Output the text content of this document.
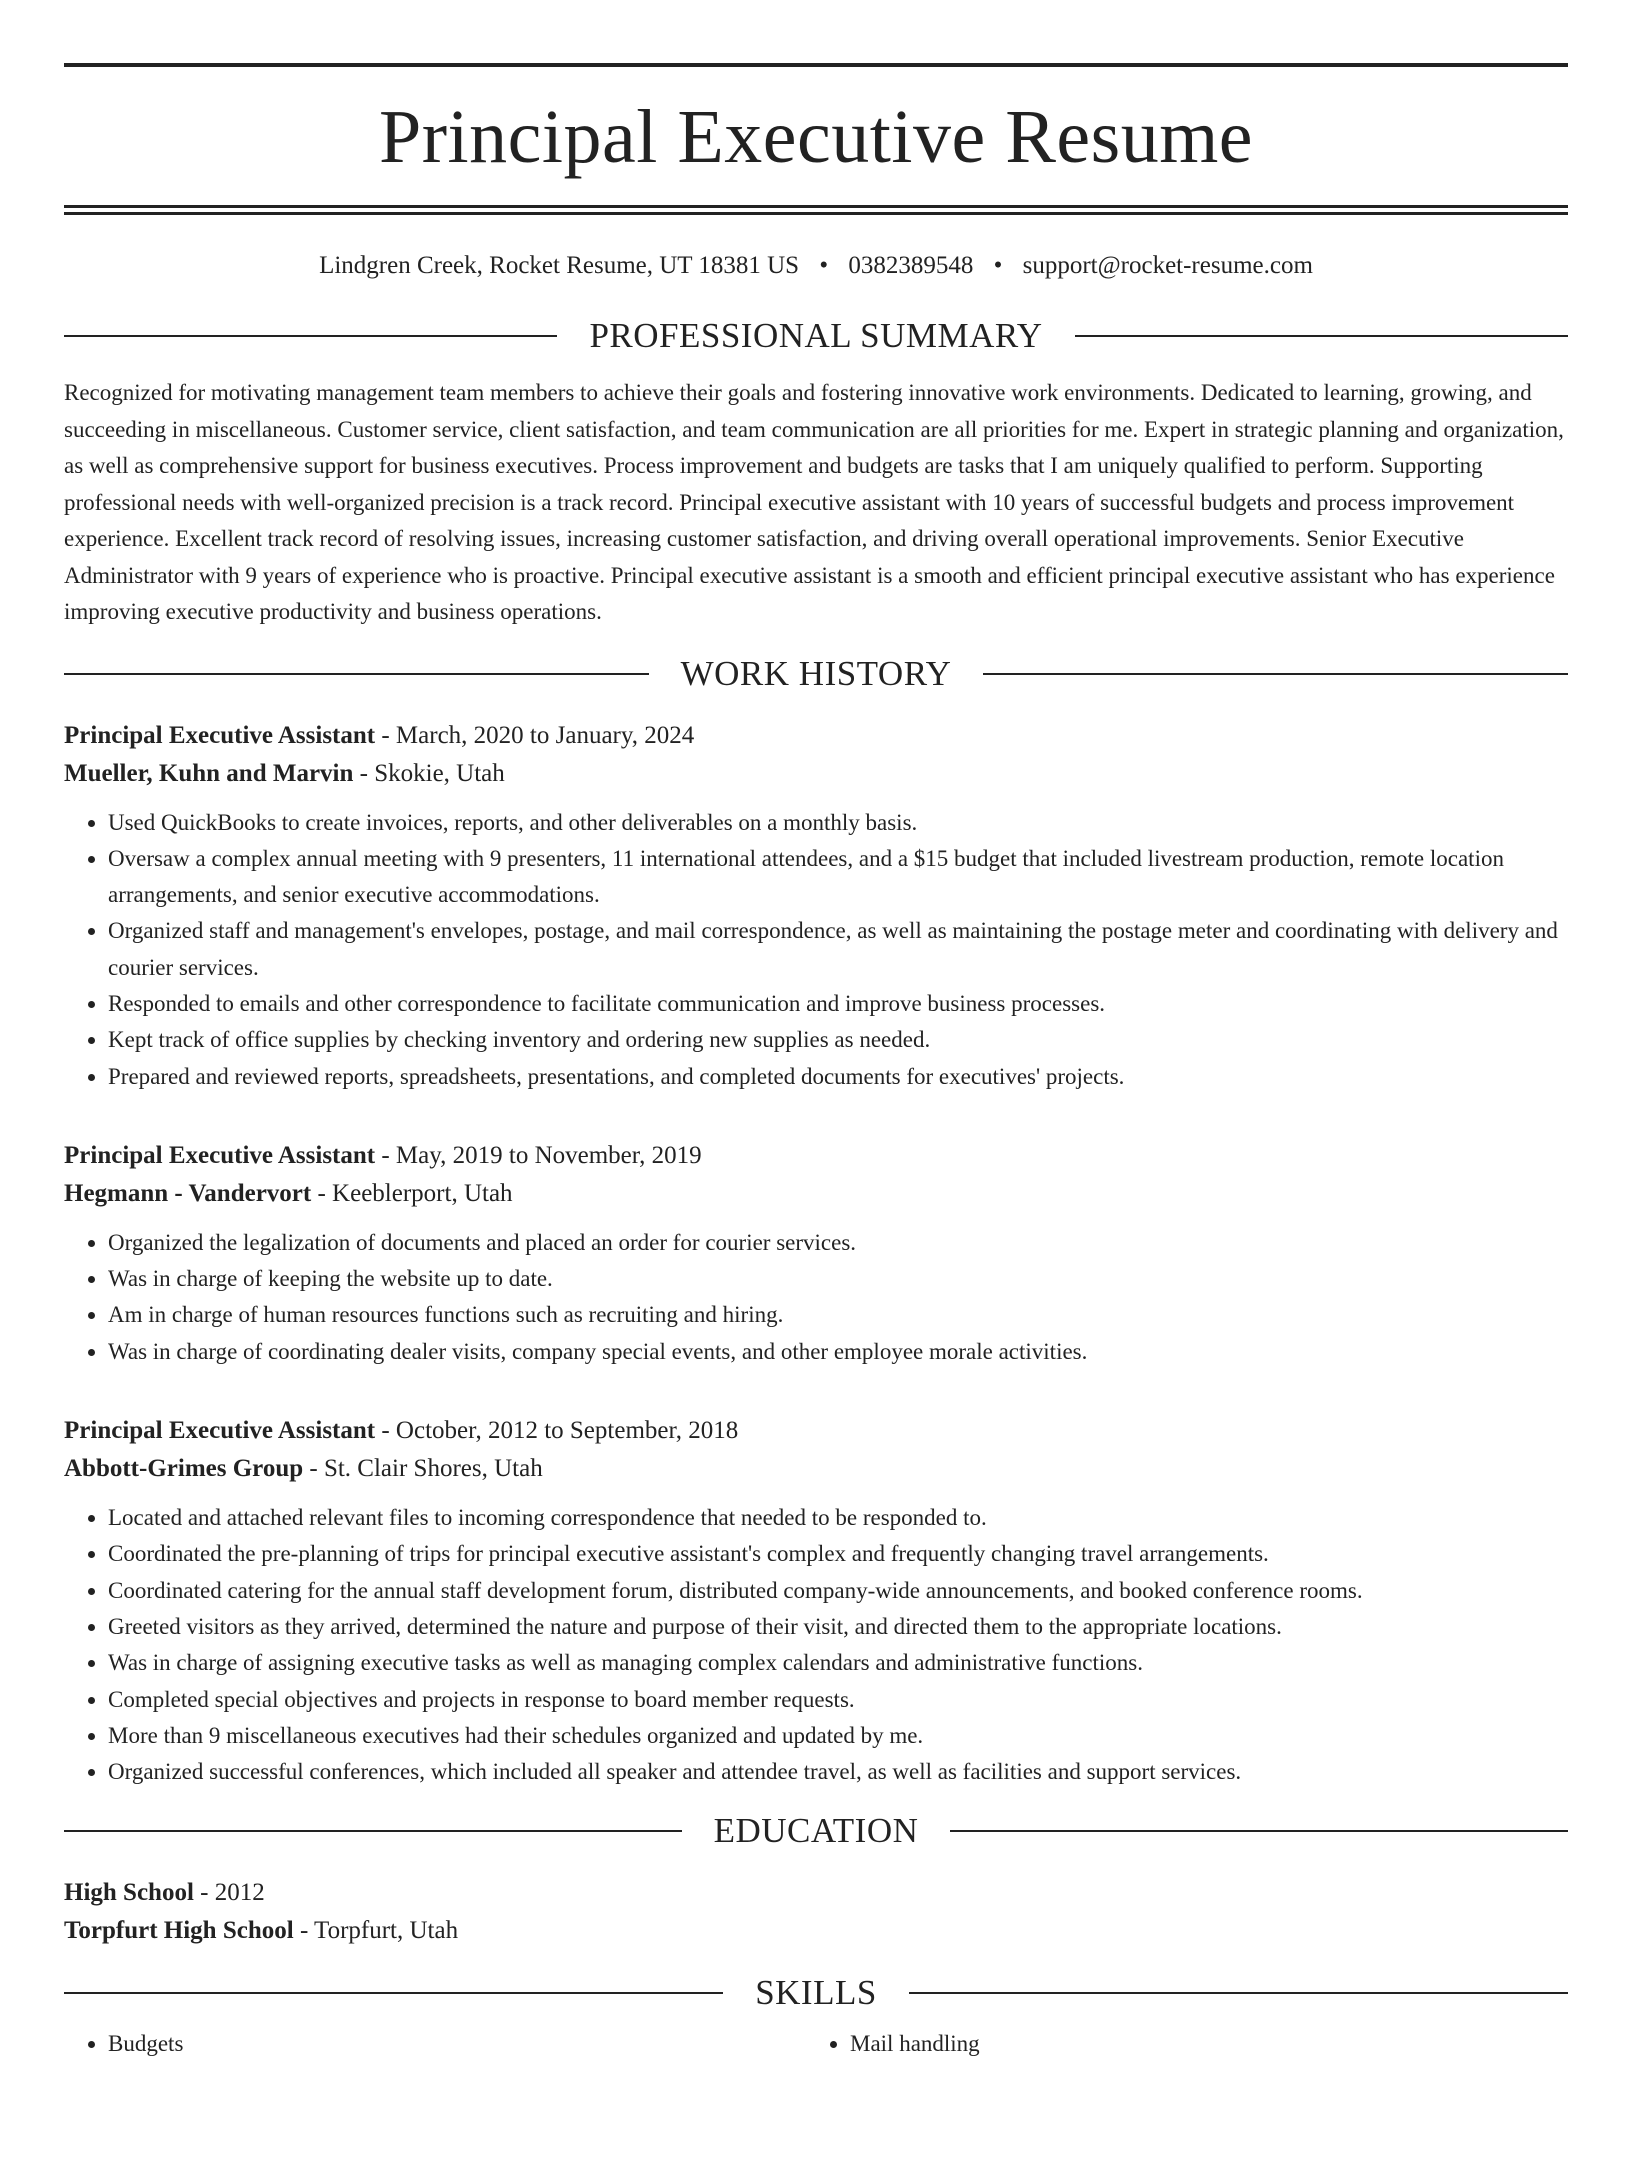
Principal Executive Resume
Lindgren Creek, Rocket Resume, UT 18381 US • 0382389548 • support@rocket-resume.com
PROFESSIONAL SUMMARY

Recognized for motivating management team members to achieve their goals and fostering innovative work environments. Dedicated to learning, growing, and succeeding in miscellaneous. Customer service, client satisfaction, and team communication are all priorities for me. Expert in strategic planning and organization, as well as comprehensive support for business executives. Process improvement and budgets are tasks that I am uniquely qualified to perform. Supporting professional needs with well-organized precision is a track record. Principal executive assistant with 10 years of successful budgets and process improvement experience. Excellent track record of resolving issues, increasing customer satisfaction, and driving overall operational improvements. Senior Executive Administrator with 9 years of experience who is proactive. Principal executive assistant is a smooth and efficient principal executive assistant who has experience improving executive productivity and business operations.

WORK HISTORY
Principal Executive Assistant - March, 2020 to January, 2024
Mueller, Kuhn and Marvin - Skokie, Utah
• Used QuickBooks to create invoices, reports, and other deliverables on a monthly basis.
• Oversaw a complex annual meeting with 9 presenters, 11 international attendees, and a $15 budget that included livestream production, remote location arrangements, and senior executive accommodations.
• Organized staff and management's envelopes, postage, and mail correspondence, as well as maintaining the postage meter and coordinating with delivery and courier services.
• Responded to emails and other correspondence to facilitate communication and improve business processes.
• Kept track of office supplies by checking inventory and ordering new supplies as needed.
• Prepared and reviewed reports, spreadsheets, presentations, and completed documents for executives' projects.
Principal Executive Assistant - May, 2019 to November, 2019
Hegmann - Vandervort - Keeblerport, Utah
• Organized the legalization of documents and placed an order for courier services.
• Was in charge of keeping the website up to date.
• Am in charge of human resources functions such as recruiting and hiring.
• Was in charge of coordinating dealer visits, company special events, and other employee morale activities.
Principal Executive Assistant - October, 2012 to September, 2018
Abbott-Grimes Group - St. Clair Shores, Utah
• Located and attached relevant files to incoming correspondence that needed to be responded to.
• Coordinated the pre-planning of trips for principal executive assistant's complex and frequently changing travel arrangements.
• Coordinated catering for the annual staff development forum, distributed company-wide announcements, and booked conference rooms.
• Greeted visitors as they arrived, determined the nature and purpose of their visit, and directed them to the appropriate locations.
• Was in charge of assigning executive tasks as well as managing complex calendars and administrative functions.
• Completed special objectives and projects in response to board member requests.
• More than 9 miscellaneous executives had their schedules organized and updated by me.
• Organized successful conferences, which included all speaker and attendee travel, as well as facilities and support services.
EDUCATION
High School - 2012
Torpfurt High School - Torpfurt, Utah
SKILLS
• Budgets
•	Mail handling
